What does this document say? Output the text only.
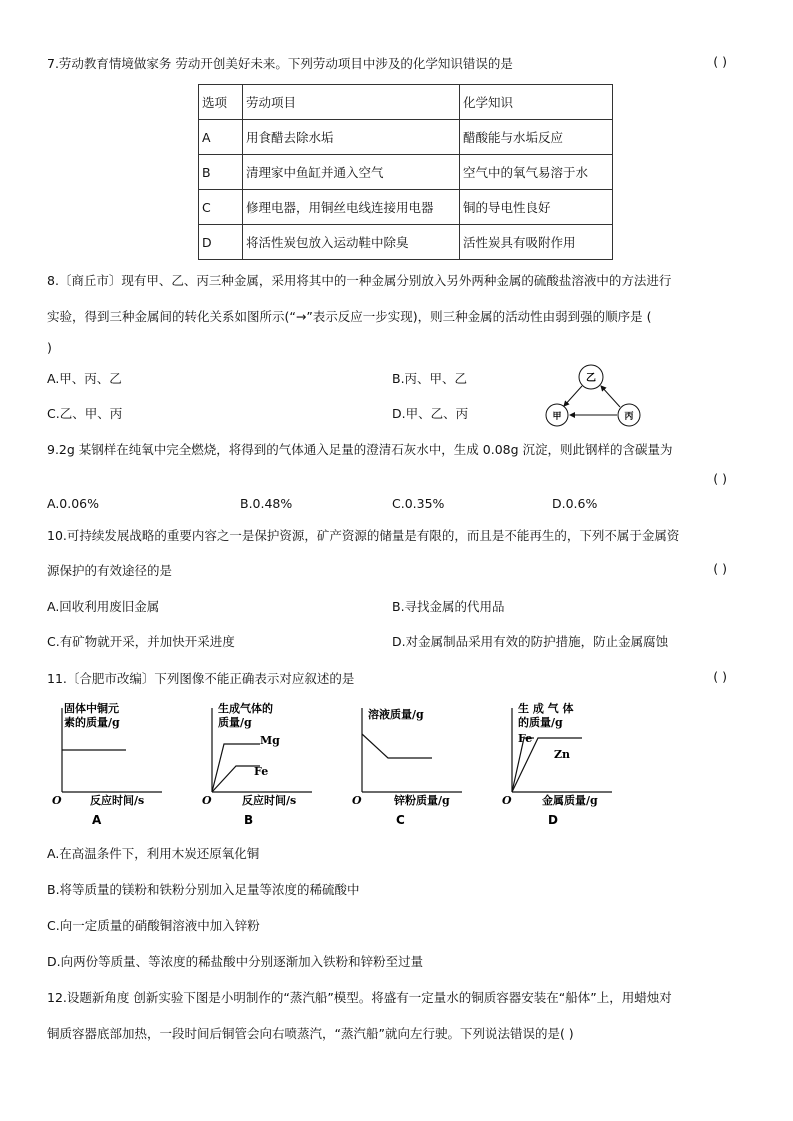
7.劳动教育情境做家务 劳动开创美好未来。下列劳动项目中涉及的化学知识错误的是	( )
选项	劳动项目	化学知识
A	用食醋去除水垢	醋酸能与水垢反应
B	清理家中鱼缸并通入空气	空气中的氧气易溶于水
C	修理电器，用铜丝电线连接用电器	铜的导电性良好
D	将活性炭包放入运动鞋中除臭	活性炭具有吸附作用
8.〔商丘市〕现有甲、乙、丙三种金属，采用将其中的一种金属分别放入另外两种金属的硫酸盐溶液中的方法进行
实验，得到三种金属间的转化关系如图所示(“→”表示反应一步实现)，则三种金属的活动性由弱到强的顺序是 (
)
A.甲、丙、乙	B.丙、甲、乙
C.乙、甲、丙	D.甲、乙、丙
乙
甲	丙
9.2g 某钢样在纯氧中完全燃烧，将得到的气体通入足量的澄清石灰水中，生成 0.08g 沉淀，则此钢样的含碳量为
( )
A.0.06%	B.0.48%	C.0.35%	D.0.6%
10.可持续发展战略的重要内容之一是保护资源，矿产资源的储量是有限的，而且是不能再生的，下列不属于金属资
源保护的有效途径的是	( )
A.回收利用废旧金属	B.寻找金属的代用品
C.有矿物就开采，并加快开采进度	D.对金属制品采用有效的防护措施，防止金属腐蚀
11.〔合肥市改编〕下列图像不能正确表示对应叙述的是	( )
固体中铜元
素的质量/g
O	反应时间/s
A
生成气体的
质量/g
Mg
Fe
O	反应时间/s
B
溶液质量/g
O	锌粉质量/g
C
生 成 气 体
的质量/g
Fe
Zn
O	金属质量/g
D
A.在高温条件下，利用木炭还原氧化铜
B.将等质量的镁粉和铁粉分别加入足量等浓度的稀硫酸中
C.向一定质量的硝酸铜溶液中加入锌粉
D.向两份等质量、等浓度的稀盐酸中分别逐渐加入铁粉和锌粉至过量
12.设题新角度 创新实验下图是小明制作的“蒸汽船”模型。将盛有一定量水的铜质容器安装在“船体”上，用蜡烛对
铜质容器底部加热，一段时间后铜管会向右喷蒸汽，“蒸汽船”就向左行驶。下列说法错误的是( )
